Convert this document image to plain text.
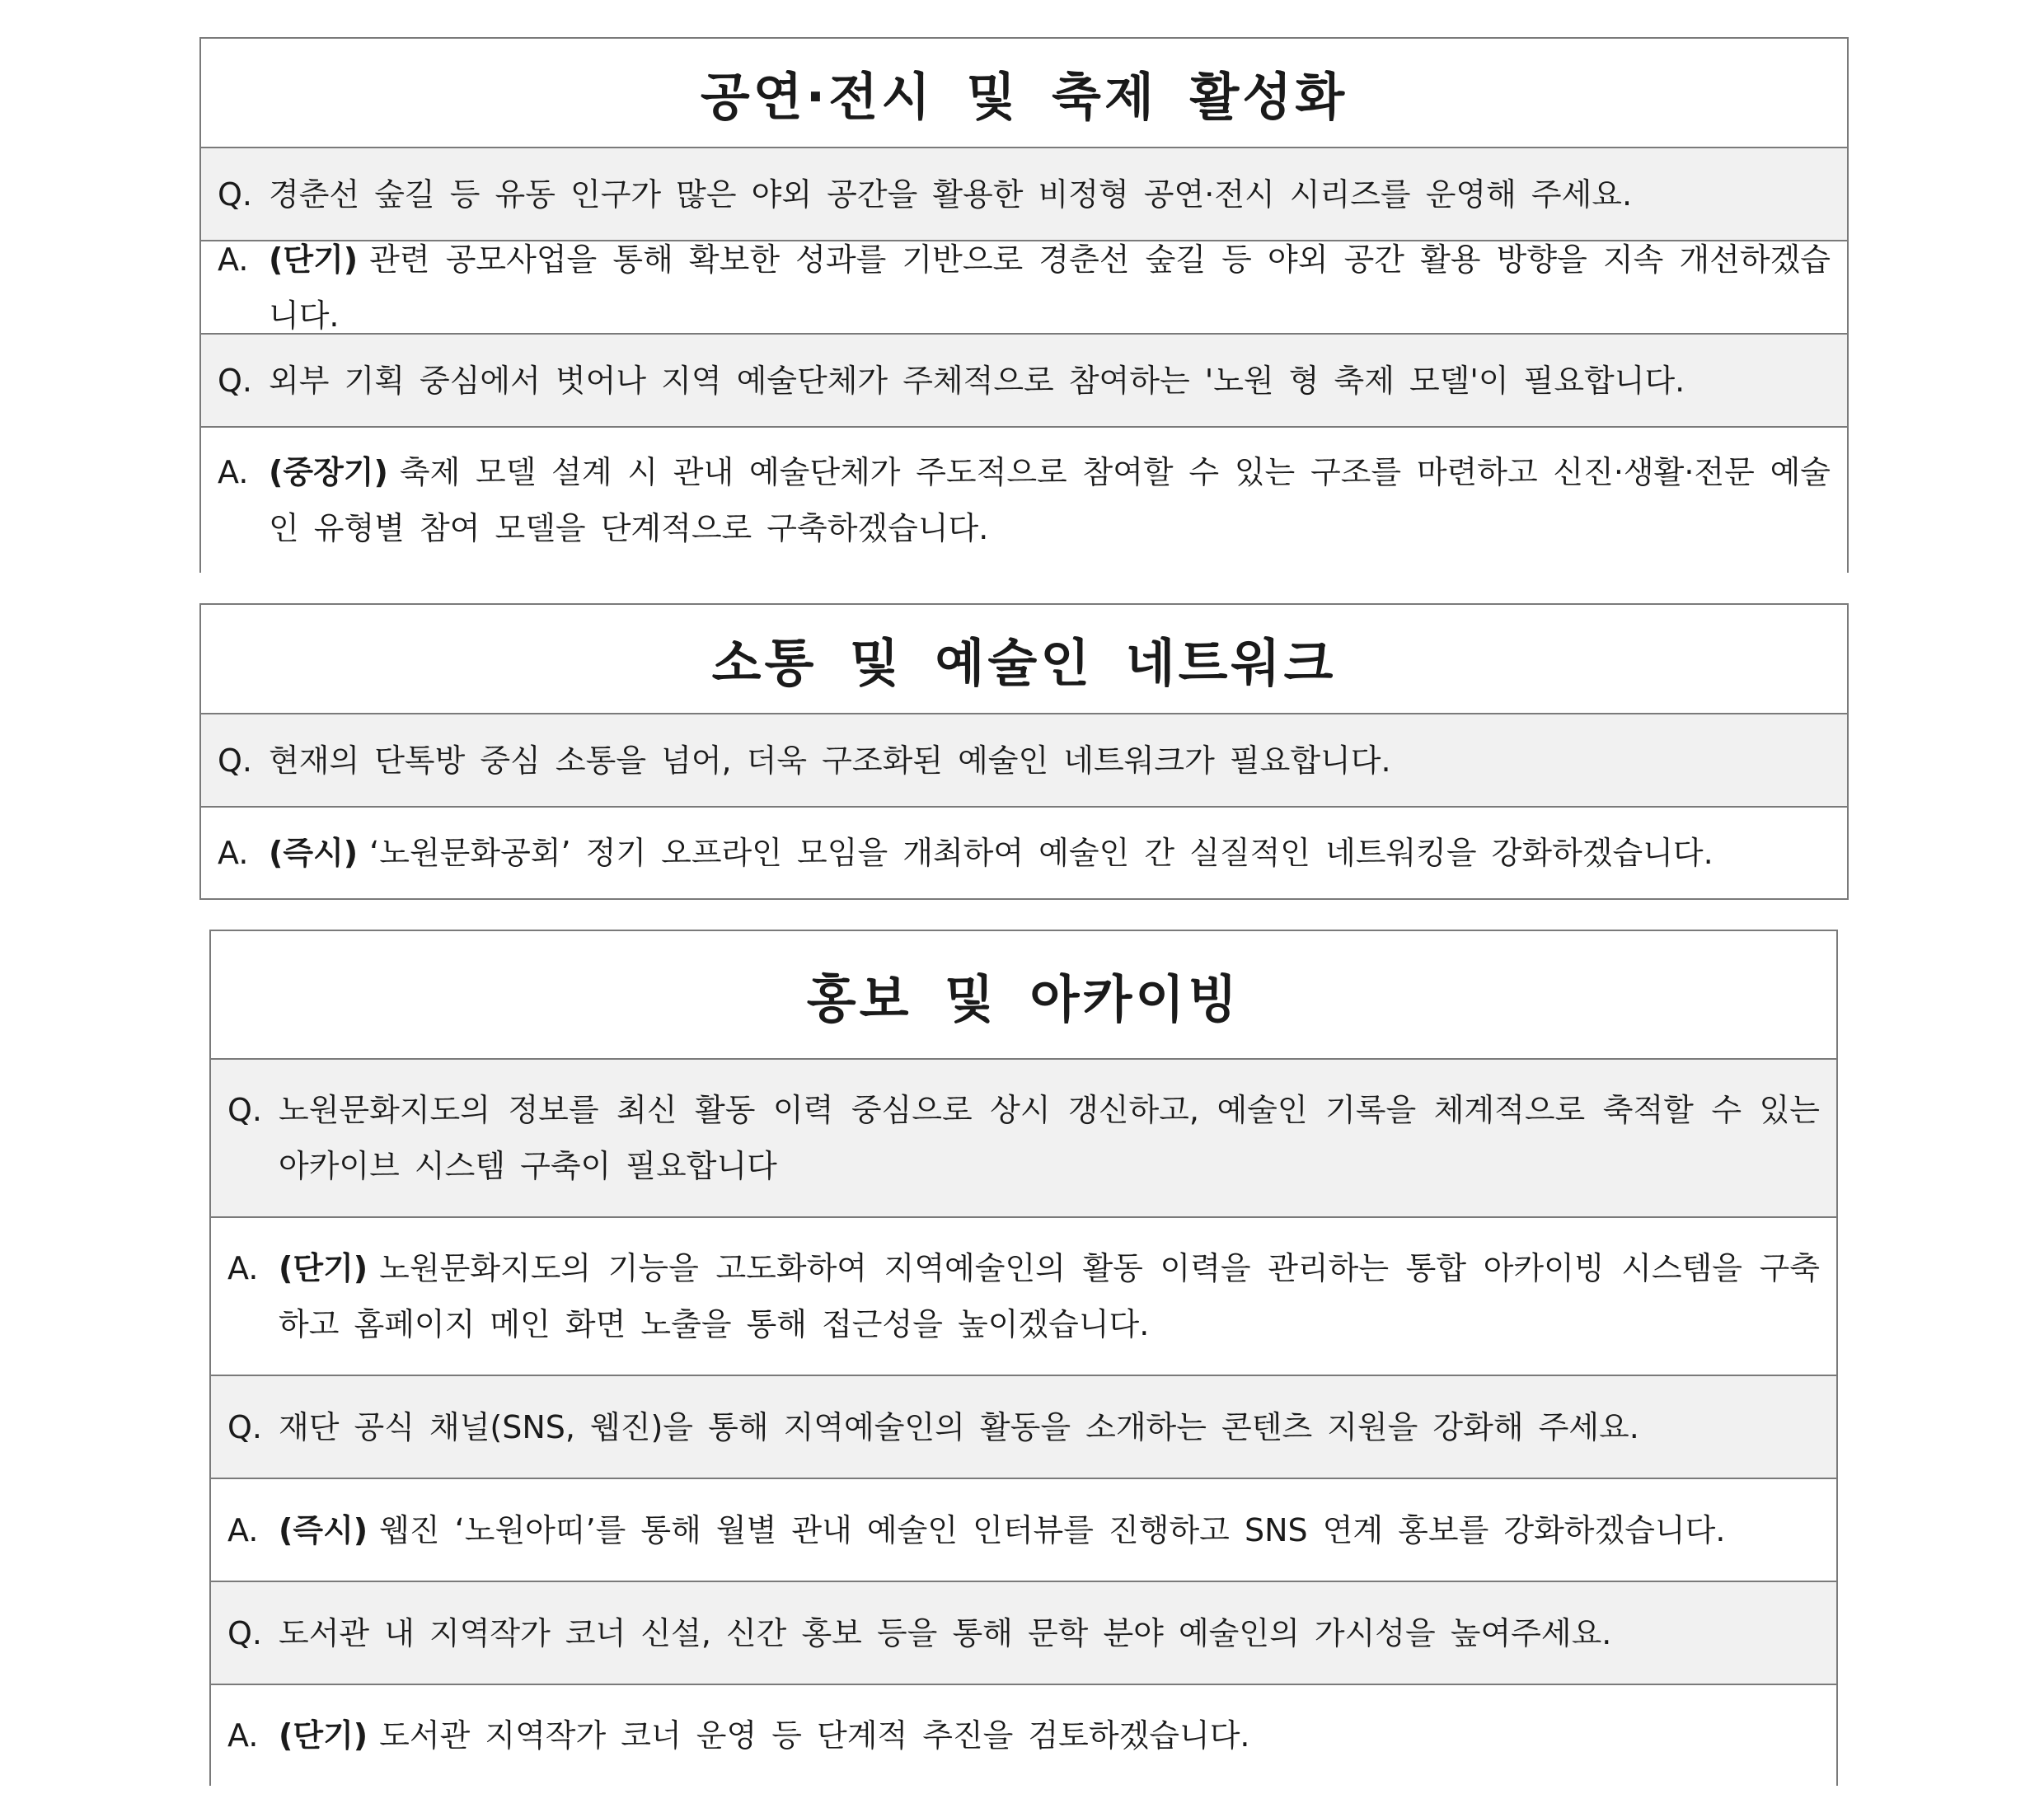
공연·전시 및 축제 활성화
Q. 경춘선 숲길 등 유동 인구가 많은 야외 공간을 활용한 비정형 공연·전시 시리즈를 운영해 주세요.
A. (단기) 관련 공모사업을 통해 확보한 성과를 기반으로 경춘선 숲길 등 야외 공간 활용 방향을 지속 개선하겠습니다.
Q. 외부 기획 중심에서 벗어나 지역 예술단체가 주체적으로 참여하는 '노원 형 축제 모델'이 필요합니다.
A. (중장기) 축제 모델 설계 시 관내 예술단체가 주도적으로 참여할 수 있는 구조를 마련하고 신진·생활·전문 예술인 유형별 참여 모델을 단계적으로 구축하겠습니다.
소통 및 예술인 네트워크
Q. 현재의 단톡방 중심 소통을 넘어, 더욱 구조화된 예술인 네트워크가 필요합니다.
A. (즉시) ‘노원문화공회’ 정기 오프라인 모임을 개최하여 예술인 간 실질적인 네트워킹을 강화하겠습니다.
홍보 및 아카이빙
Q. 노원문화지도의 정보를 최신 활동 이력 중심으로 상시 갱신하고, 예술인 기록을 체계적으로 축적할 수 있는 아카이브 시스템 구축이 필요합니다
A. (단기) 노원문화지도의 기능을 고도화하여 지역예술인의 활동 이력을 관리하는 통합 아카이빙 시스템을 구축하고 홈페이지 메인 화면 노출을 통해 접근성을 높이겠습니다.
Q. 재단 공식 채널(SNS, 웹진)을 통해 지역예술인의 활동을 소개하는 콘텐츠 지원을 강화해 주세요.
A. (즉시) 웹진 ‘노원아띠’를 통해 월별 관내 예술인 인터뷰를 진행하고 SNS 연계 홍보를 강화하겠습니다.
Q. 도서관 내 지역작가 코너 신설, 신간 홍보 등을 통해 문학 분야 예술인의 가시성을 높여주세요.
A. (단기) 도서관 지역작가 코너 운영 등 단계적 추진을 검토하겠습니다.
